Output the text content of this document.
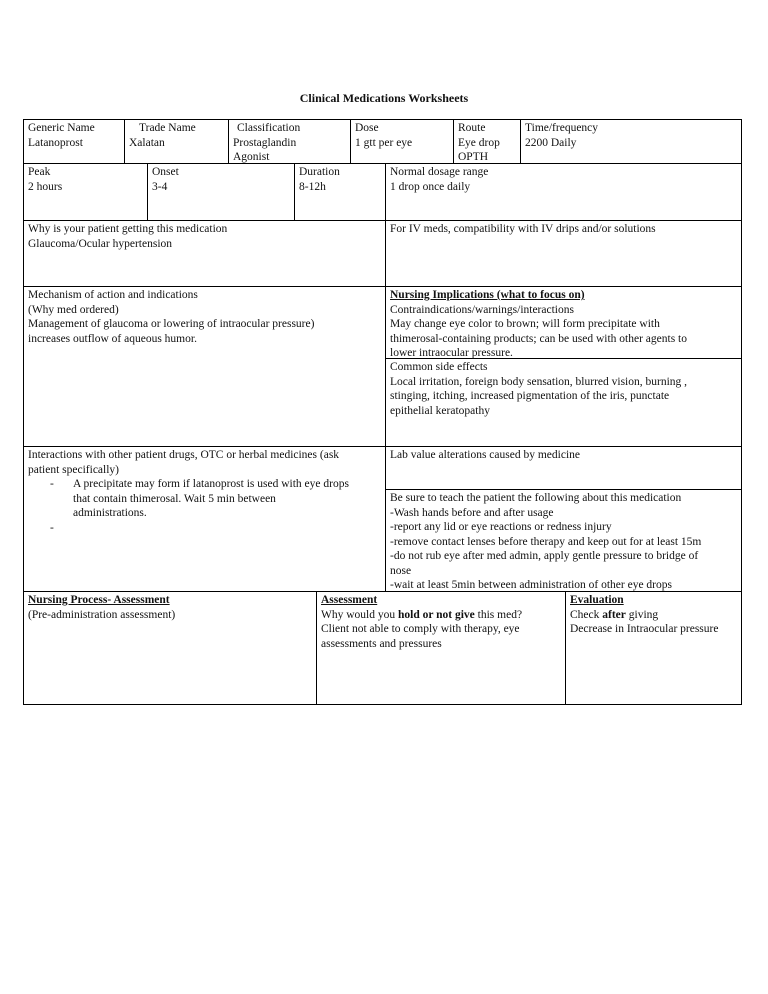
Clinical Medications Worksheets
Generic Name
Latanoprost
Trade Name
Xalatan
Classification
Prostaglandin
Agonist
Dose
1 gtt per eye
Route
Eye drop
OPTH
Time/frequency
2200 Daily
Peak
2 hours
Onset
3-4
Duration
8-12h
Normal dosage range
1 drop once daily
Why is your patient getting this medication
Glaucoma/Ocular hypertension
For IV meds, compatibility with IV drips and/or solutions
Mechanism of action and indications
(Why med ordered)
Management of glaucoma or lowering of intraocular pressure)
increases outflow of aqueous humor.
Nursing Implications (what to focus on)
Contraindications/warnings/interactions
May change eye color to brown; will form precipitate with
thimerosal-containing products; can be used with other agents to
lower intraocular pressure.
Common side effects
Local irritation, foreign body sensation, blurred vision, burning ,
stinging, itching, increased pigmentation of the iris, punctate
epithelial keratopathy
Interactions with other patient drugs, OTC or herbal medicines (ask
patient specifically)
- A precipitate may form if latanoprost is used with eye drops
that contain thimerosal. Wait 5 min between
administrations.
-

Lab value alterations caused by medicine
Be sure to teach the patient the following about this medication
-Wash hands before and after usage
-report any lid or eye reactions or redness injury
-remove contact lenses before therapy and keep out for at least 15m
-do not rub eye after med admin, apply gentle pressure to bridge of
nose
-wait at least 5min between administration of other eye drops
Nursing Process- Assessment
(Pre-administration assessment)
Assessment
Why would you hold or not give this med?
Client not able to comply with therapy, eye
assessments and pressures
Evaluation
Check after giving
Decrease in Intraocular pressure
